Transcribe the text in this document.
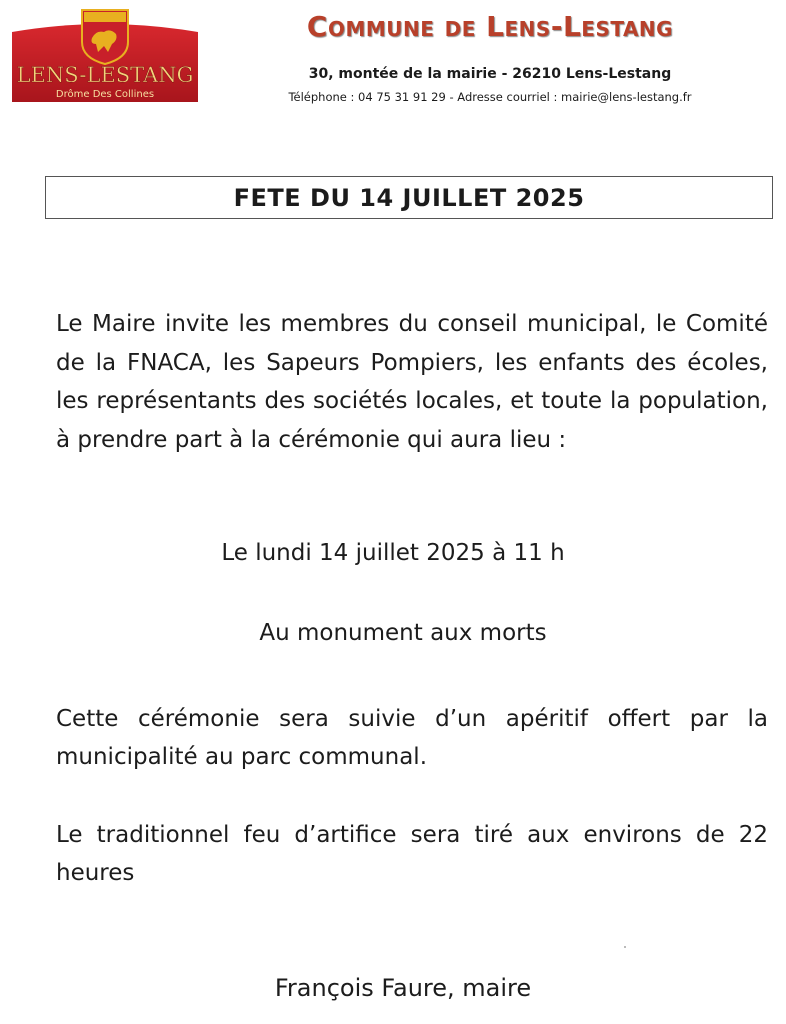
LENS-LESTANG
Drôme Des Collines
Commune de Lens-Lestang
30, montée de la mairie - 26210 Lens-Lestang
Téléphone : 04 75 31 91 29 - Adresse courriel : mairie@lens-lestang.fr
FETE DU 14 JUILLET 2025
Le Maire invite les membres du conseil municipal, le Comité de la FNACA, les Sapeurs Pompiers, les enfants des écoles, les représentants des sociétés locales, et toute la population, à prendre part à la cérémonie qui aura lieu :
Le lundi 14 juillet 2025 à 11 h
Au monument aux morts
Cette cérémonie sera suivie d’un apéritif offert par la municipalité au parc communal.
Le traditionnel feu d’artifice sera tiré aux environs de 22 heures
François Faure, maire
